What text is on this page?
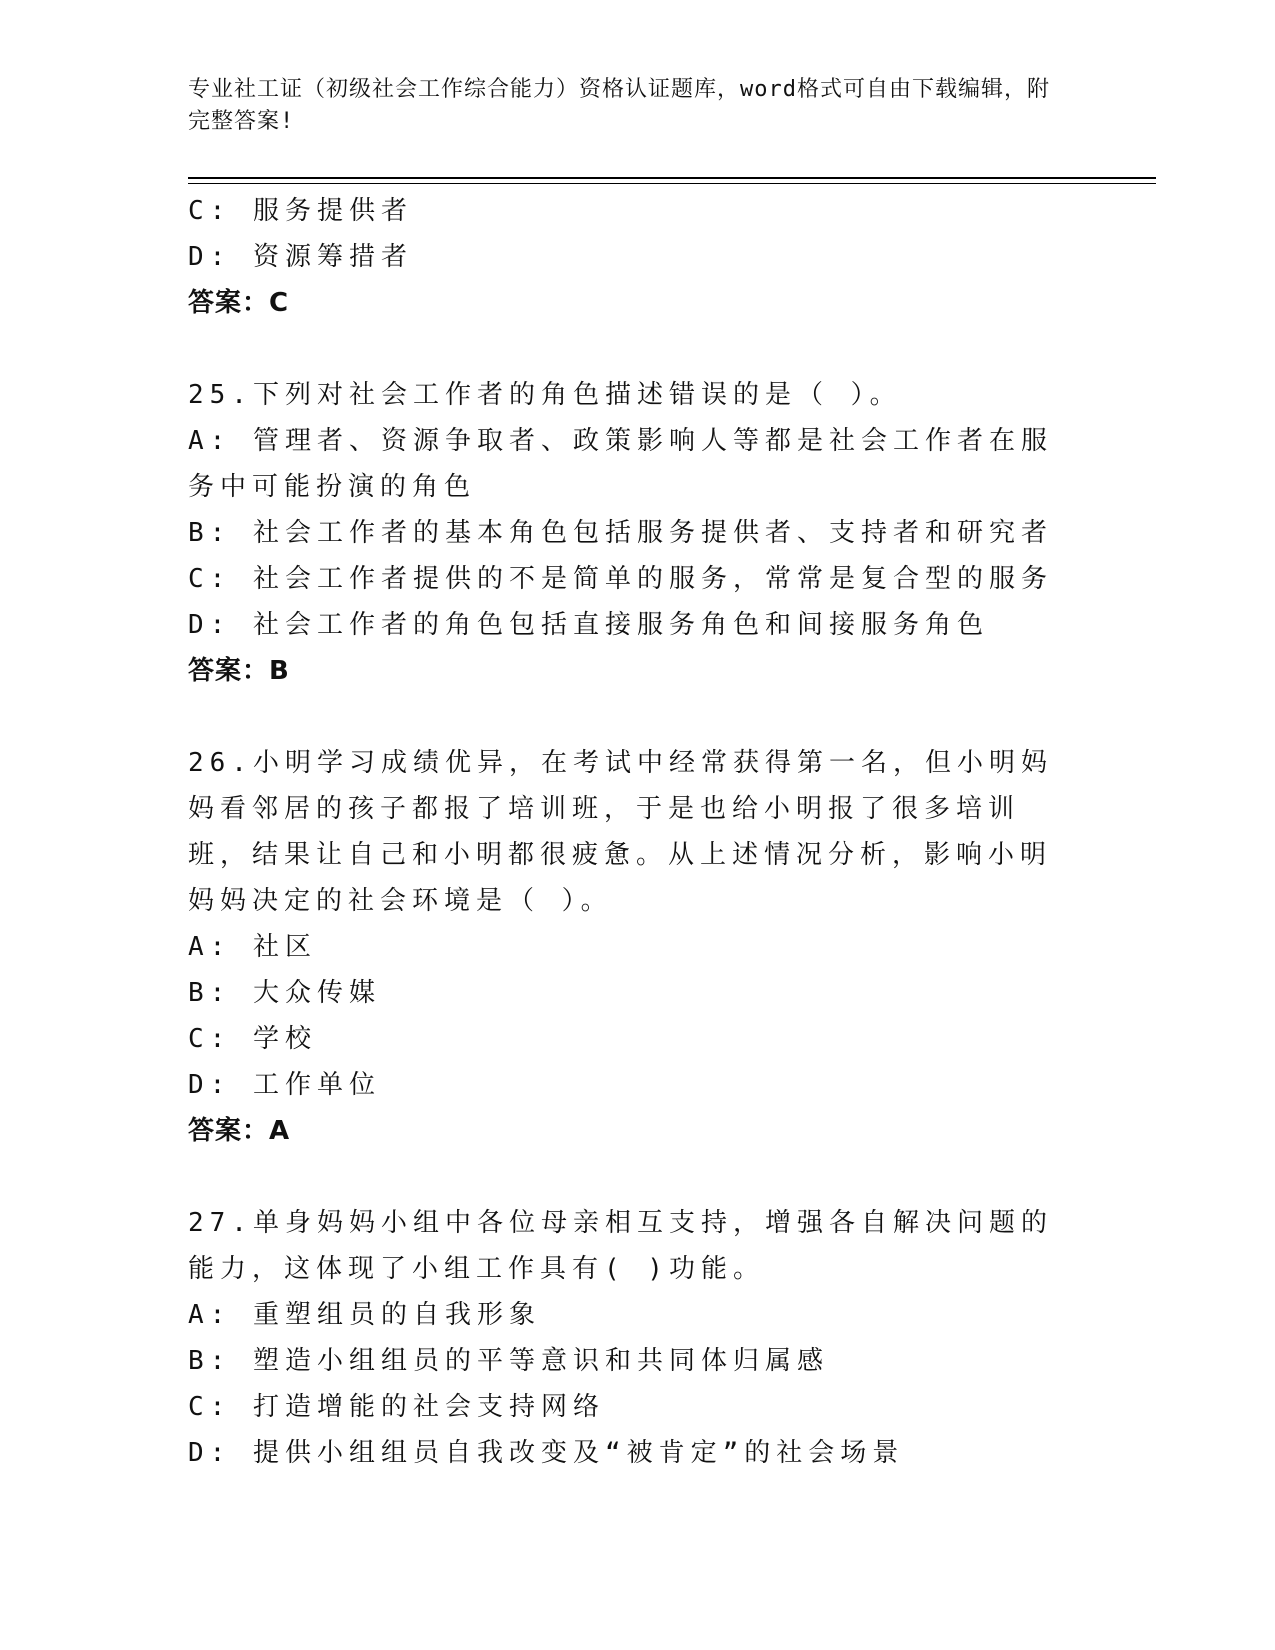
专业社工证（初级社会工作综合能力）资格认证题库，word格式可自由下载编辑，附完整答案!
C: 服务提供者
D: 资源筹措者
答案：C
25.下列对社会工作者的角色描述错误的是（ ）。
A: 管理者、资源争取者、政策影响人等都是社会工作者在服务中可能扮演的角色
B: 社会工作者的基本角色包括服务提供者、支持者和研究者
C: 社会工作者提供的不是简单的服务，常常是复合型的服务
D: 社会工作者的角色包括直接服务角色和间接服务角色
答案：B
26.小明学习成绩优异，在考试中经常获得第一名，但小明妈妈看邻居的孩子都报了培训班，于是也给小明报了很多培训班，结果让自己和小明都很疲惫。从上述情况分析，影响小明妈妈决定的社会环境是（ ）。
A: 社区
B: 大众传媒
C: 学校
D: 工作单位
答案：A
27.单身妈妈小组中各位母亲相互支持，增强各自解决问题的能力，这体现了小组工作具有( )功能。
A: 重塑组员的自我形象
B: 塑造小组组员的平等意识和共同体归属感
C: 打造增能的社会支持网络
D: 提供小组组员自我改变及“被肯定”的社会场景
